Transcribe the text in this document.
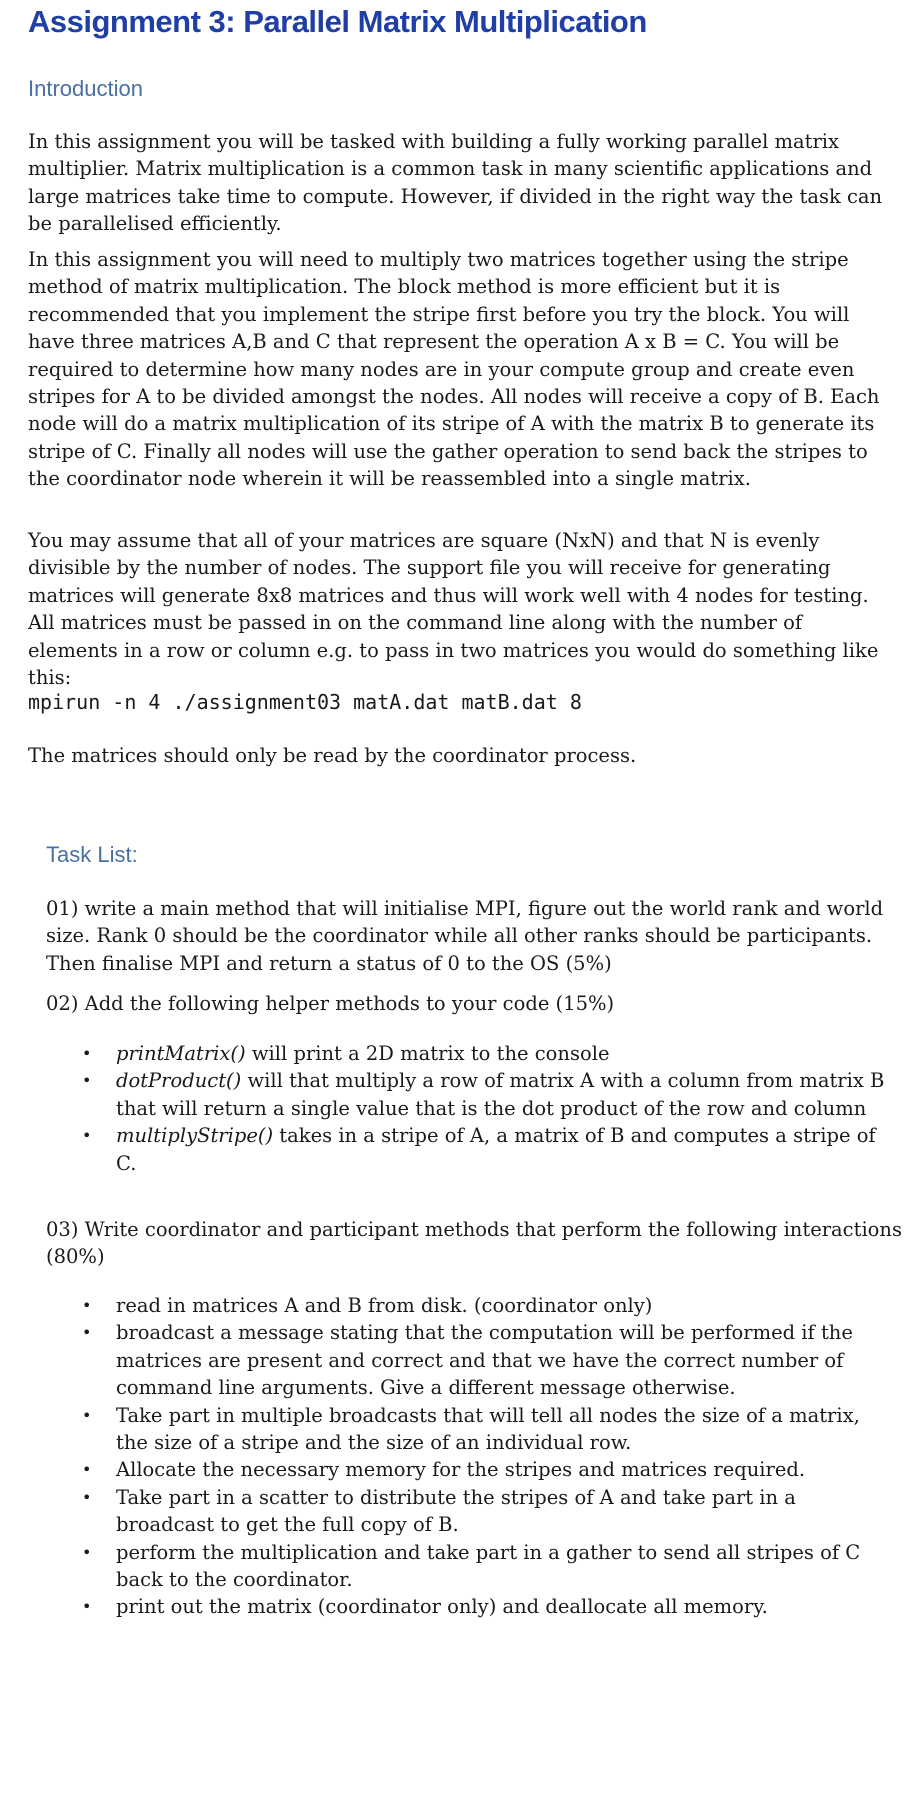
Assignment 3: Parallel Matrix Multiplication
Introduction

In this assignment you will be tasked with building a fully working parallel matrix multiplier. Matrix multiplication is a common task in many scientific applications and large matrices take time to compute. However, if divided in the right way the task can be parallelised efficiently.

In this assignment you will need to multiply two matrices together using the stripe method of matrix multiplication. The block method is more efficient but it is recommended that you implement the stripe first before you try the block. You will have three matrices A,B and C that represent the operation A x B = C. You will be required to determine how many nodes are in your compute group and create even stripes for A to be divided amongst the nodes. All nodes will receive a copy of B. Each node will do a matrix multiplication of its stripe of A with the matrix B to generate its stripe of C. Finally all nodes will use the gather operation to send back the stripes to the coordinator node wherein it will be reassembled into a single matrix.

You may assume that all of your matrices are square (NxN) and that N is evenly divisible by the number of nodes. The support file you will receive for generating matrices will generate 8x8 matrices and thus will work well with 4 nodes for testing. All matrices must be passed in on the command line along with the number of elements in a row or column e.g. to pass in two matrices you would do something like this:

mpirun -n 4 ./assignment03 matA.dat matB.dat 8

The matrices should only be read by the coordinator process.

Task List:

01) write a main method that will initialise MPI, figure out the world rank and world size. Rank 0 should be the coordinator while all other ranks should be participants. Then finalise MPI and return a status of 0 to the OS (5%)

02) Add the following helper methods to your code (15%)

• printMatrix() will print a 2D matrix to the console
• dotProduct() will that multiply a row of matrix A with a column from matrix B that will return a single value that is the dot product of the row and column
• multiplyStripe() takes in a stripe of A, a matrix of B and computes a stripe of C.

03) Write coordinator and participant methods that perform the following interactions (80%)

• read in matrices A and B from disk. (coordinator only)
• broadcast a message stating that the computation will be performed if the matrices are present and correct and that we have the correct number of command line arguments. Give a different message otherwise.
• Take part in multiple broadcasts that will tell all nodes the size of a matrix, the size of a stripe and the size of an individual row.
• Allocate the necessary memory for the stripes and matrices required.
• Take part in a scatter to distribute the stripes of A and take part in a broadcast to get the full copy of B.
• perform the multiplication and take part in a gather to send all stripes of C back to the coordinator.
• print out the matrix (coordinator only) and deallocate all memory.
